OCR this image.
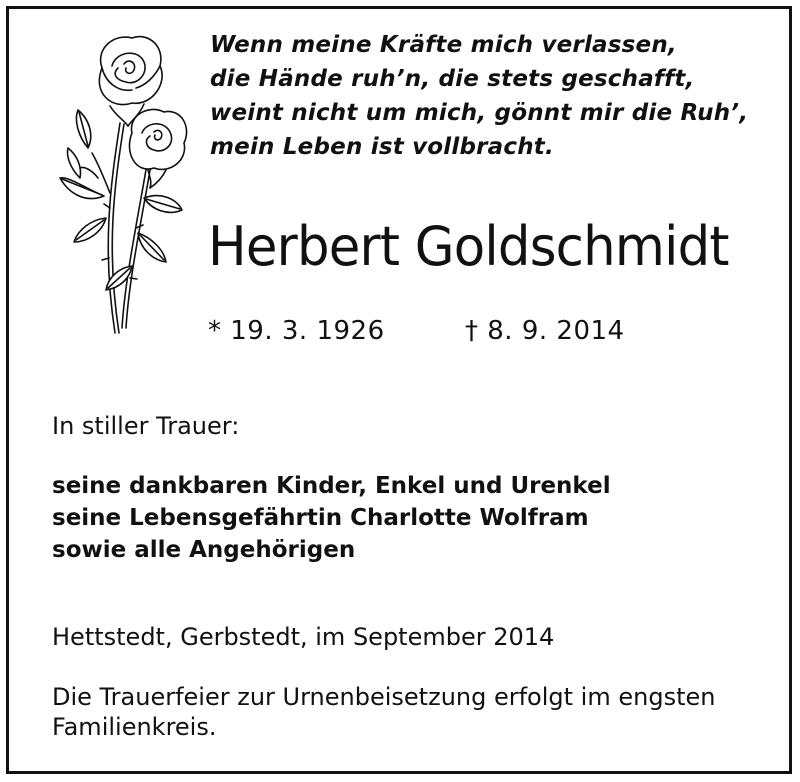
Wenn meine Kräfte mich verlassen,
die Hände ruh’n, die stets geschafft,
weint nicht um mich, gönnt mir die Ruh’,
mein Leben ist vollbracht.
Herbert Goldschmidt
* 19. 3. 1926	† 8. 9. 2014
In stiller Trauer:
seine dankbaren Kinder, Enkel und Urenkel
seine Lebensgefährtin Charlotte Wolfram
sowie alle Angehörigen
Hettstedt, Gerbstedt, im September 2014
Die Trauerfeier zur Urnenbeisetzung erfolgt im engsten
Familienkreis.
